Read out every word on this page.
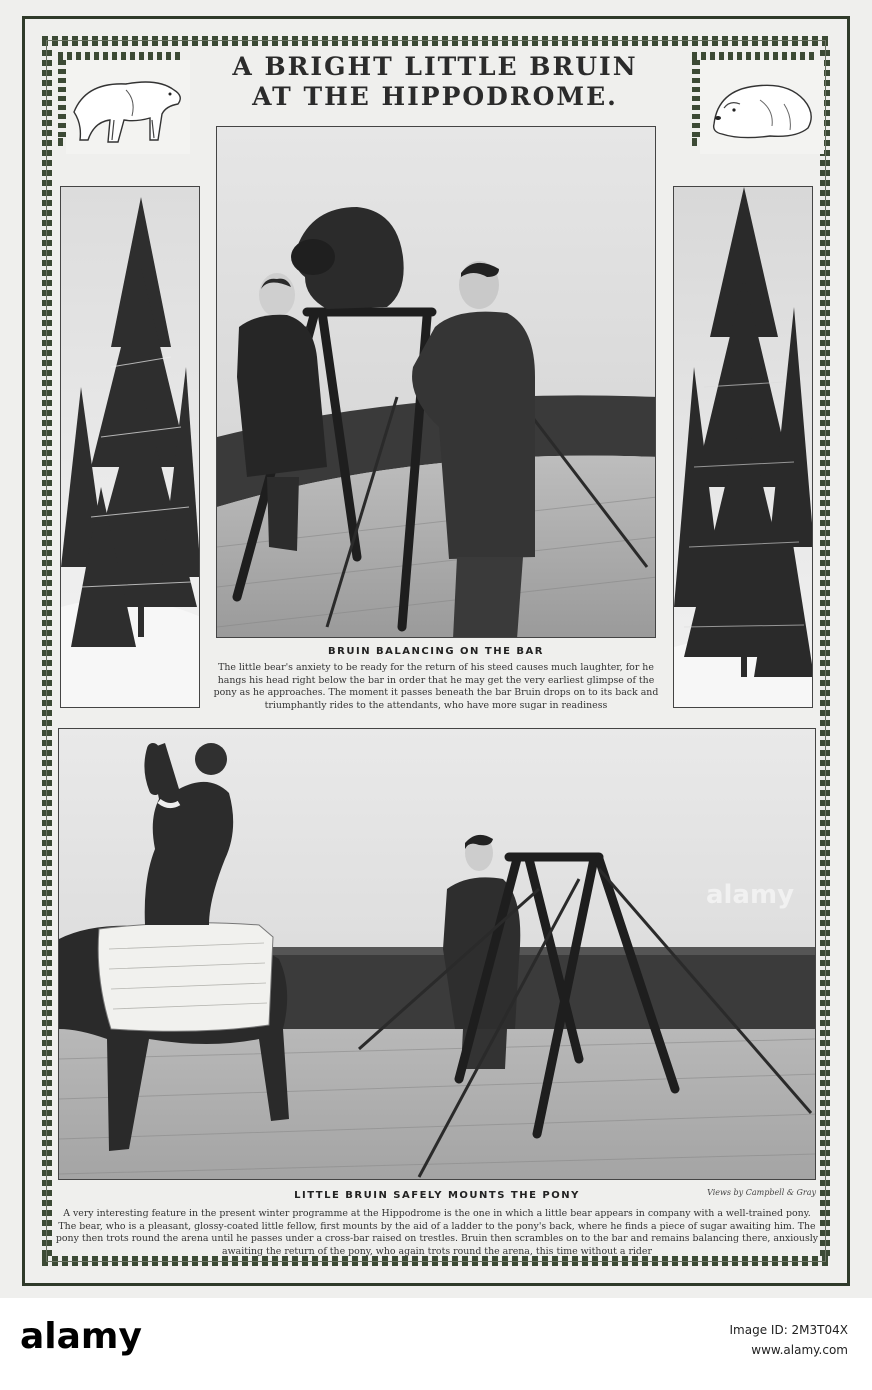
A BRIGHT LITTLE BRUIN
AT THE HIPPODROME.
BRUIN BALANCING ON THE BAR
The little bear's anxiety to be ready for the return of his steed causes much laughter, for he hangs his head right below the bar in order that he may get the very earliest glimpse of the pony as he approaches. The moment it passes beneath the bar Bruin drops on to its back and triumphantly rides to the attendants, who have more sugar in readiness
alamy
Views by Campbell & Gray
LITTLE BRUIN SAFELY MOUNTS THE PONY
A very interesting feature in the present winter programme at the Hippodrome is the one in which a little bear appears in company with a well-trained pony. The bear, who is a pleasant, glossy-coated little fellow, first mounts by the aid of a ladder to the pony's back, where he finds a piece of sugar awaiting him. The pony then trots round the arena until he passes under a cross-bar raised on trestles. Bruin then scrambles on to the bar and remains balancing there, anxiously awaiting the return of the pony, who again trots round the arena, this time without a rider
alamy	Image ID: 2M3T04X
www.alamy.com
